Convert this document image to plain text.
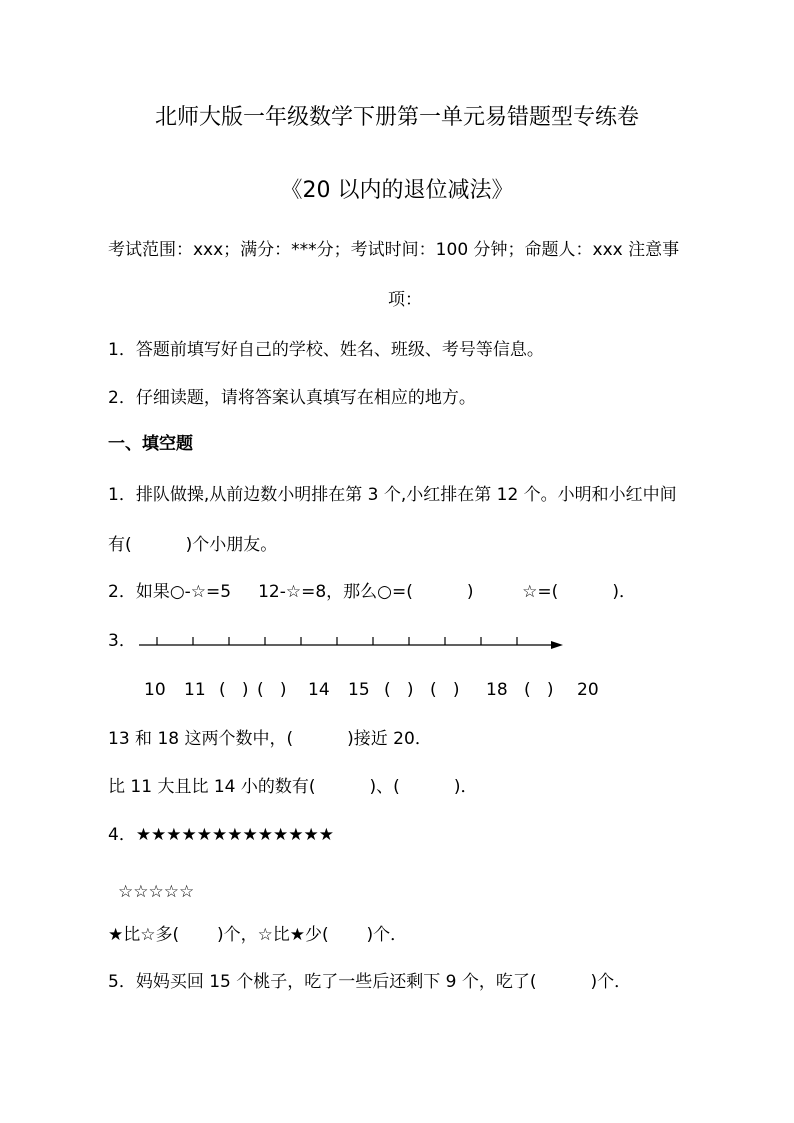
北师大版一年级数学下册第一单元易错题型专练卷
《20 以内的退位减法》
考试范围：xxx；满分：***分；考试时间：100 分钟；命题人：xxx 注意事
项：
1．答题前填写好自己的学校、姓名、班级、考号等信息。
2．仔细读题，请将答案认真填写在相应的地方。
一、填空题
1．排队做操,从前边数小明排在第 3 个,小红排在第 12 个。小明和小红中间
有(          )个小朋友。
2．如果○-☆=5     12-☆=8，那么○=(          )         ☆=(          )．
3．
10 11 (   ) (   ) 14 15 (   ) (   ) 18 (   ) 20
13 和 18 这两个数中，(          )接近 20．
比 11 大且比 14 小的数有(          )、(          )．
4．★★★★★★★★★★★★★
☆☆☆☆☆
★比☆多(       )个，☆比★少(       )个．
5．妈妈买回 15 个桃子，吃了一些后还剩下 9 个，吃了(          )个．
